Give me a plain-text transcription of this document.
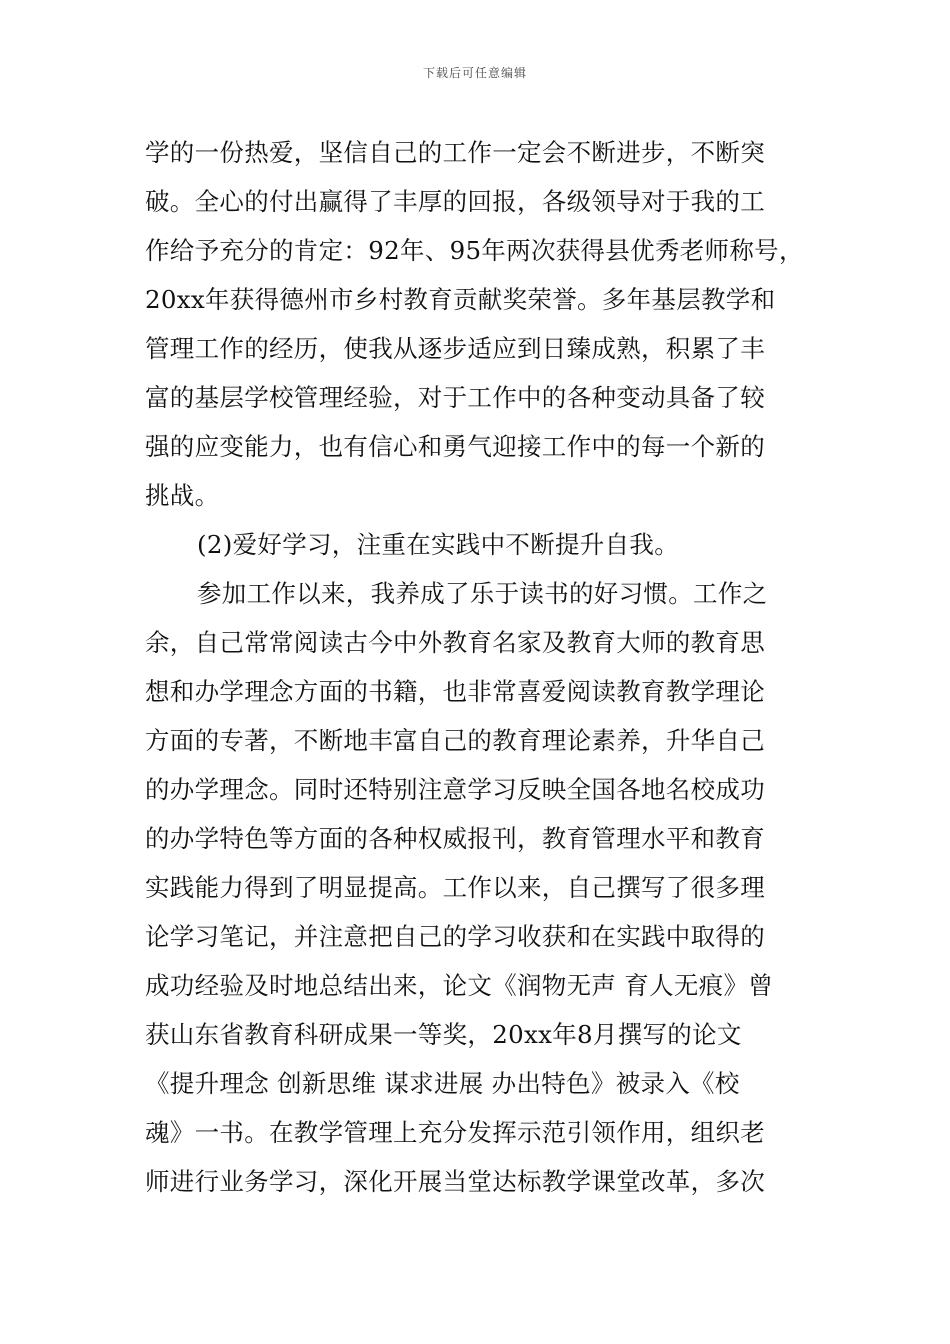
下载后可任意编辑
学的一份热爱，坚信自己的工作一定会不断进步，不断突
破。全心的付出赢得了丰厚的回报，各级领导对于我的工
作给予充分的肯定：92年、95年两次获得县优秀老师称号，
20xx年获得德州市乡村教育贡献奖荣誉。多年基层教学和
管理工作的经历，使我从逐步适应到日臻成熟，积累了丰
富的基层学校管理经验，对于工作中的各种变动具备了较
强的应变能力，也有信心和勇气迎接工作中的每一个新的
挑战。
(2)爱好学习，注重在实践中不断提升自我。
参加工作以来，我养成了乐于读书的好习惯。工作之
余，自己常常阅读古今中外教育名家及教育大师的教育思
想和办学理念方面的书籍，也非常喜爱阅读教育教学理论
方面的专著，不断地丰富自己的教育理论素养，升华自己
的办学理念。同时还特别注意学习反映全国各地名校成功
的办学特色等方面的各种权威报刊，教育管理水平和教育
实践能力得到了明显提高。工作以来，自己撰写了很多理
论学习笔记，并注意把自己的学习收获和在实践中取得的
成功经验及时地总结出来，论文《润物无声 育人无痕》曾
获山东省教育科研成果一等奖，20xx年8月撰写的论文
《提升理念 创新思维 谋求进展 办出特色》被录入《校
魂》一书。在教学管理上充分发挥示范引领作用，组织老
师进行业务学习，深化开展当堂达标教学课堂改革，多次
